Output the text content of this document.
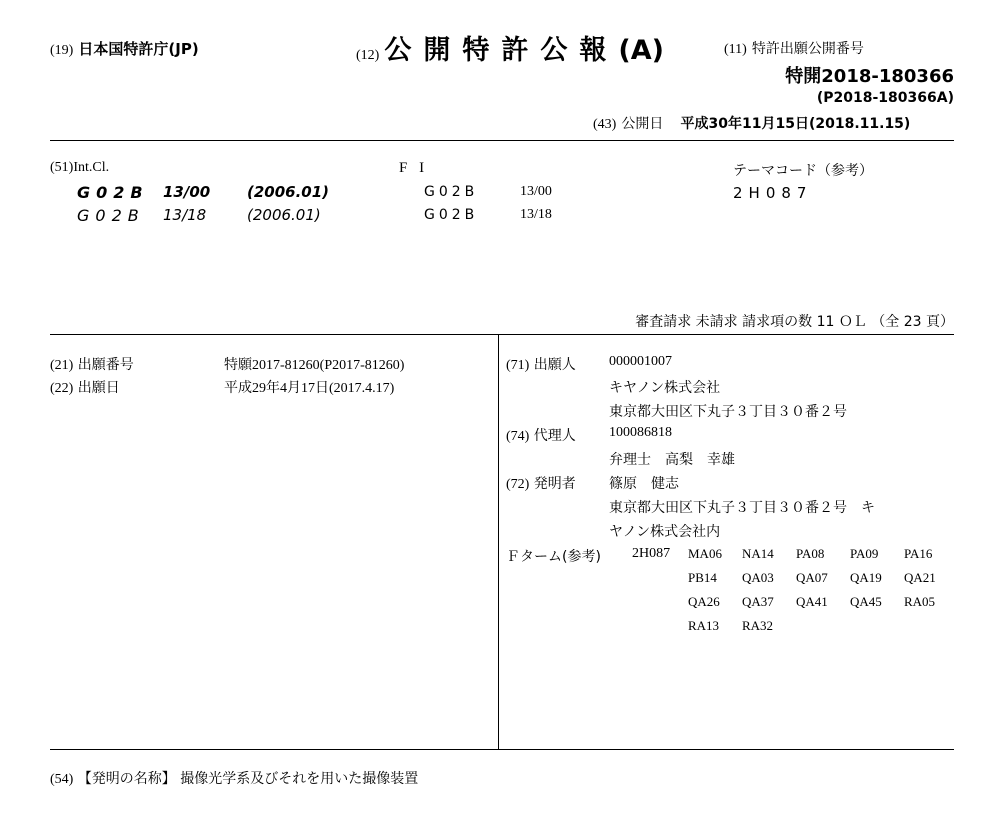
(19) 日本国特許庁(JP)	(12) 公開特許公報(A)	(11) 特許出願公開番号
特開2018-180366
(P2018-180366A)
(43) 公開日 平成30年11月15日(2018.11.15)
(51)Int.Cl.	F I	テーマコード（参考）
G02B 13/00 (2006.01)	G02B	13/00	2H087
G02B 13/18	(2006.01)	G02B	13/18
審査請求 未請求 請求項の数 11 ＯＬ （全 23 頁）
(21) 出願番号	特願2017-81260(P2017-81260)
(22) 出願日	平成29年4月17日(2017.4.17)
(71) 出願人 000001007
キヤノン株式会社
東京都大田区下丸子３丁目３０番２号
(74) 代理人 100086818
弁理士　高梨　幸雄
(72) 発明者 篠原　健志
東京都大田区下丸子３丁目３０番２号　キ
ヤノン株式会社内
Ｆターム(参考) 2H087 MA06 NA14 PA08 PA09 PA16
PB14 QA03 QA07 QA19 QA21
QA26 QA37 QA41 QA45 RA05
RA13 RA32
(54) 【発明の名称】 撮像光学系及びそれを用いた撮像装置
